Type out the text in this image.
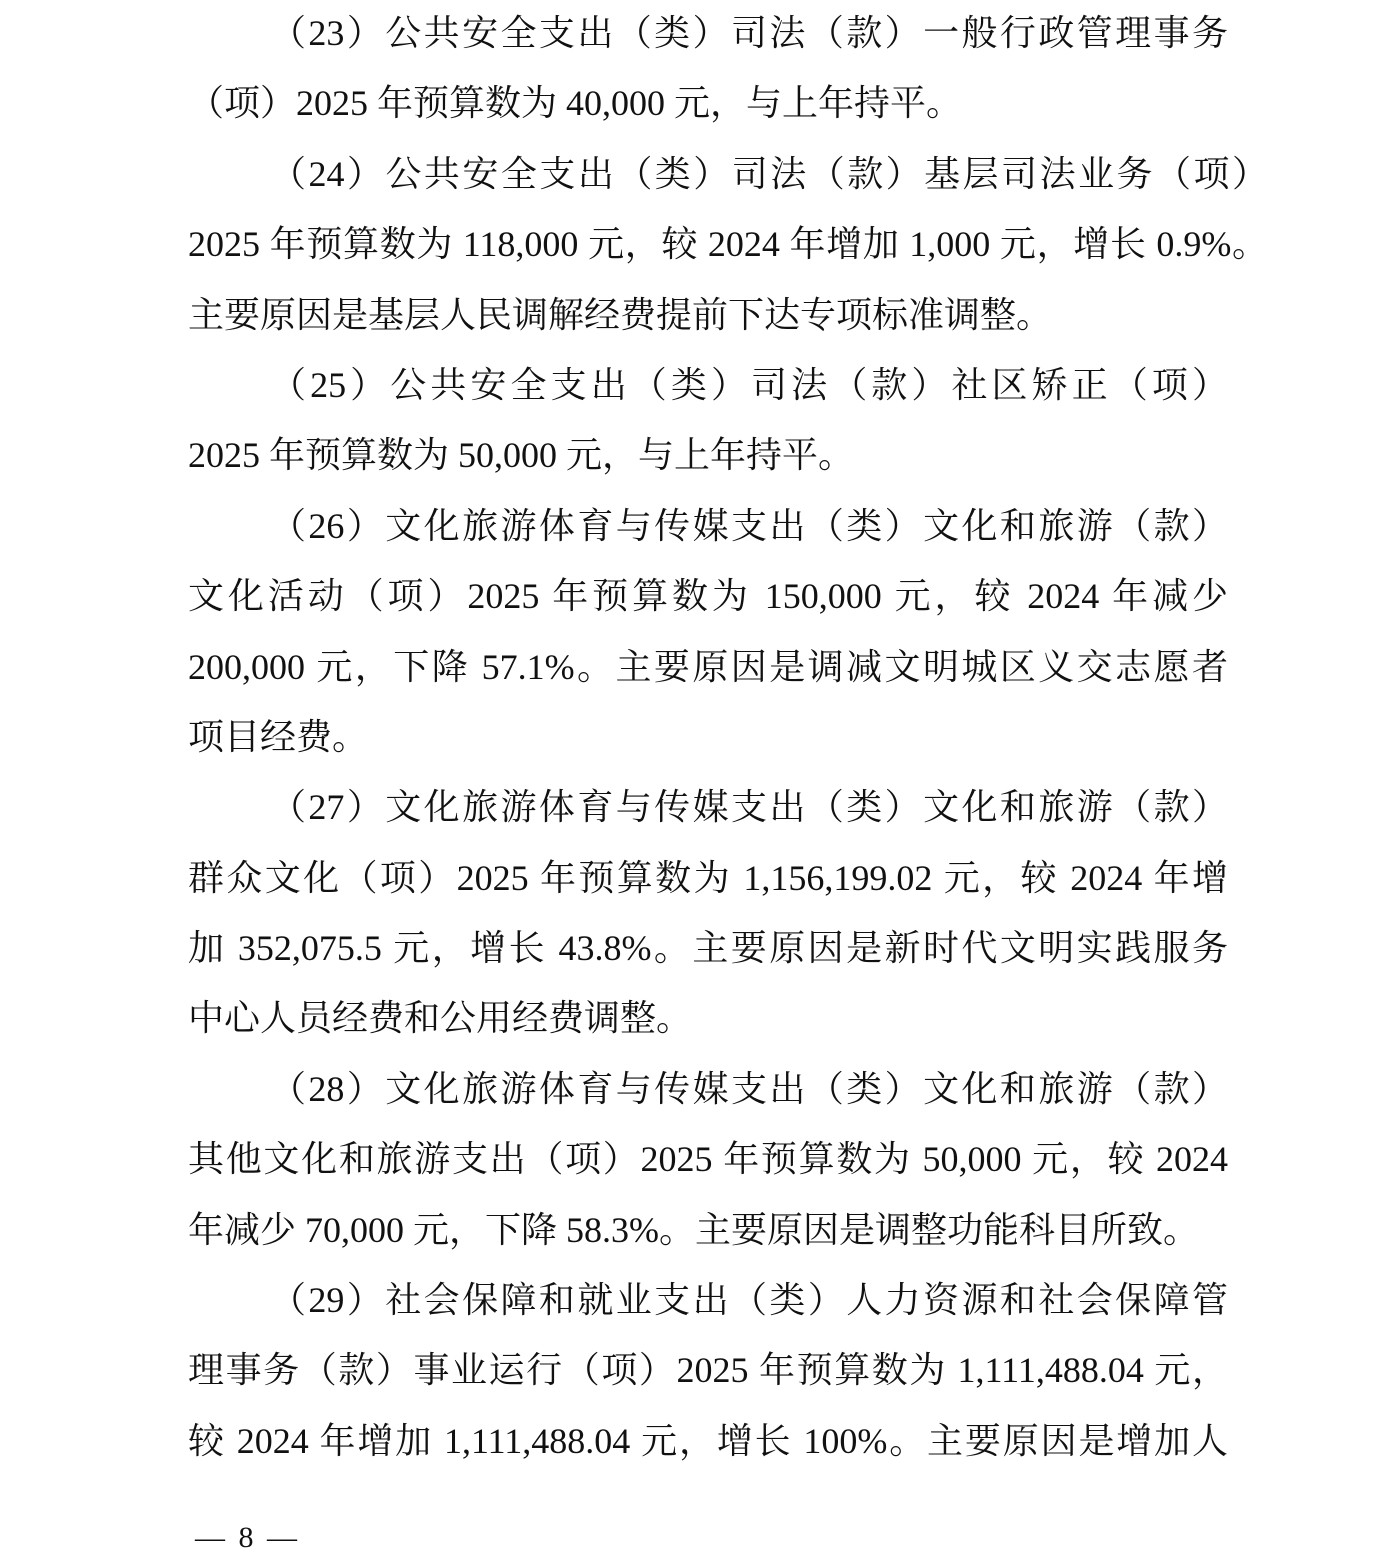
（23）公共安全支出（类）司法（款）一般行政管理事务
（项）2025 年预算数为 40,000 元，与上年持平。
（24）公共安全支出（类）司法（款）基层司法业务（项）
2025 年预算数为 118,000 元，较 2024 年增加 1,000 元，增长 0.9%。
主要原因是基层人民调解经费提前下达专项标准调整。
（25）公共安全支出（类）司法（款）社区矫正（项）
2025 年预算数为 50,000 元，与上年持平。
（26）文化旅游体育与传媒支出（类）文化和旅游（款）
文化活动（项）2025 年预算数为 150,000 元，较 2024 年减少
200,000 元，下降 57.1%。主要原因是调减文明城区义交志愿者
项目经费。
（27）文化旅游体育与传媒支出（类）文化和旅游（款）
群众文化（项）2025 年预算数为 1,156,199.02 元，较 2024 年增
加 352,075.5 元，增长 43.8%。主要原因是新时代文明实践服务
中心人员经费和公用经费调整。
（28）文化旅游体育与传媒支出（类）文化和旅游（款）
其他文化和旅游支出（项）2025 年预算数为 50,000 元，较 2024
年减少 70,000 元，下降 58.3%。主要原因是调整功能科目所致。
（29）社会保障和就业支出（类）人力资源和社会保障管
理事务（款）事业运行（项）2025 年预算数为 1,111,488.04 元，
较 2024 年增加 1,111,488.04 元，增长 100%。主要原因是增加人
— 8 —
